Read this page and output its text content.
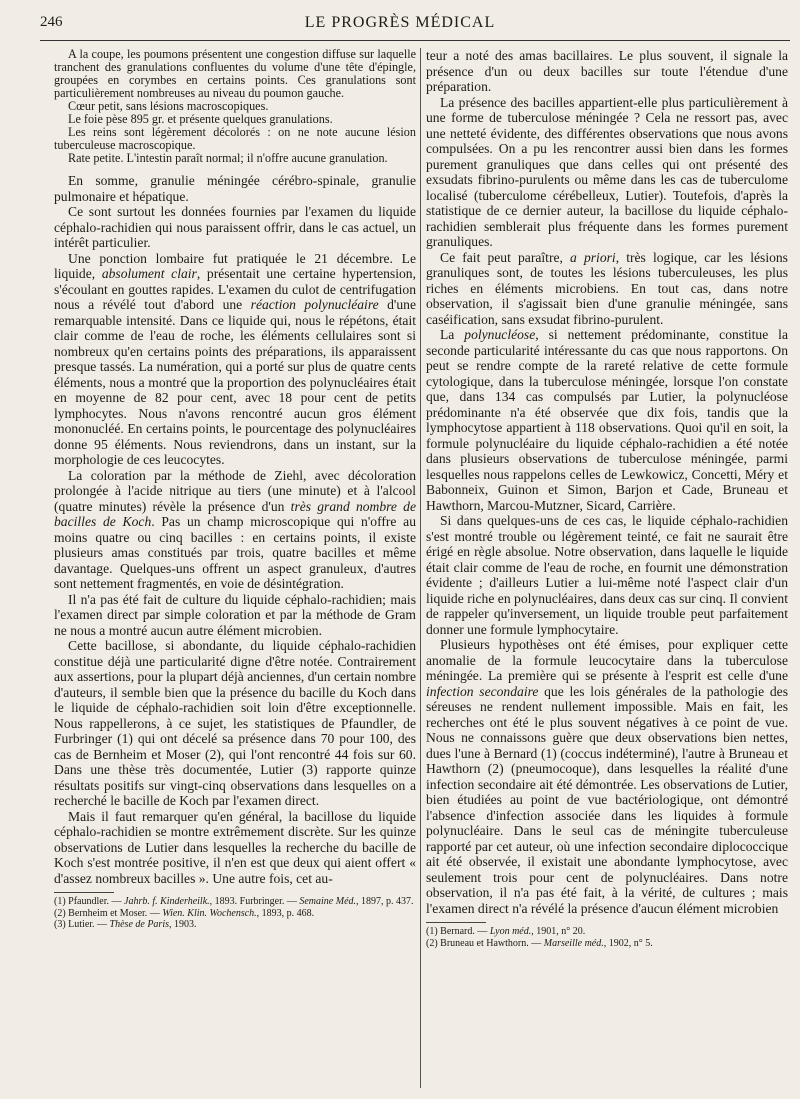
246	LE PROGRÈS MÉDICAL

A la coupe, les poumons présentent une congestion diffuse sur laquelle tranchent des granulations confluentes du volume d'une tête d'épingle, groupées en corymbes en certains points. Ces granulations sont particulièrement nombreuses au niveau du poumon gauche.

Cœur petit, sans lésions macroscopiques.

Le foie pèse 895 gr. et présente quelques granulations.

Les reins sont légèrement décolorés : on ne note aucune lésion tuberculeuse macroscopique.

Rate petite. L'intestin paraît normal; il n'offre aucune granulation.

En somme, granulie méningée cérébro-spinale, granulie pulmonaire et hépatique.

Ce sont surtout les données fournies par l'examen du liquide céphalo-rachidien qui nous paraissent offrir, dans le cas actuel, un intérêt particulier.

Une ponction lombaire fut pratiquée le 21 décembre. Le liquide, absolument clair, présentait une certaine hypertension, s'écoulant en gouttes rapides. L'examen du culot de centrifugation nous a révélé tout d'abord une réaction polynucléaire d'une remarquable intensité. Dans ce liquide qui, nous le répétons, était clair comme de l'eau de roche, les éléments cellulaires sont si nombreux qu'en certains points des préparations, ils apparaissent presque tassés. La numération, qui a porté sur plus de quatre cents éléments, nous a montré que la proportion des polynucléaires était en moyenne de 82 pour cent, avec 18 pour cent de petits lymphocytes. Nous n'avons rencontré aucun gros élément mononucléé. En certains points, le pourcentage des polynucléaires donne 95 éléments. Nous reviendrons, dans un instant, sur la morphologie de ces leucocytes.

La coloration par la méthode de Ziehl, avec décoloration prolongée à l'acide nitrique au tiers (une minute) et à l'alcool (quatre minutes) révèle la présence d'un très grand nombre de bacilles de Koch. Pas un champ microscopique qui n'offre au moins quatre ou cinq bacilles : en certains points, il existe plusieurs amas constitués par trois, quatre bacilles et même davantage. Quelques-uns offrent un aspect granuleux, d'autres sont nettement fragmentés, en voie de désintégration.

Il n'a pas été fait de culture du liquide céphalo-rachidien; mais l'examen direct par simple coloration et par la méthode de Gram ne nous a montré aucun autre élément microbien.

Cette bacillose, si abondante, du liquide céphalo-rachidien constitue déjà une particularité digne d'être notée. Contrairement aux assertions, pour la plupart déjà anciennes, d'un certain nombre d'auteurs, il semble bien que la présence du bacille du Koch dans le liquide de céphalo-rachidien soit loin d'être exceptionnelle. Nous rappellerons, à ce sujet, les statistiques de Pfaundler, de Furbringer (1) qui ont décelé sa présence dans 70 pour 100, des cas de Bernheim et Moser (2), qui l'ont rencontré 44 fois sur 60. Dans une thèse très documentée, Lutier (3) rapporte quinze résultats positifs sur vingt-cinq observations dans lesquelles on a recherché le bacille de Koch par l'examen direct.

Mais il faut remarquer qu'en général, la bacillose du liquide céphalo-rachidien se montre extrêmement discrète. Sur les quinze observations de Lutier dans lesquelles la recherche du bacille de Koch s'est montrée positive, il n'en est que deux qui aient offert « d'assez nombreux bacilles ». Une autre fois, cet au-

(1) Pfaundler. — Jahrb. f. Kinderheilk., 1893. Furbringer. — Semaine Méd., 1897, p. 437.

(2) Bernheim et Moser. — Wien. Klin. Wochensch., 1893, p. 468.

(3) Lutier. — Thèse de Paris, 1903.

teur a noté des amas bacillaires. Le plus souvent, il signale la présence d'un ou deux bacilles sur toute l'étendue d'une préparation.

La présence des bacilles appartient-elle plus particulièrement à une forme de tuberculose méningée ? Cela ne ressort pas, avec une netteté évidente, des différentes observations que nous avons compulsées. On a pu les rencontrer aussi bien dans les formes purement granuliques que dans celles qui ont présenté des exsudats fibrino-purulents ou même dans les cas de tuberculome localisé (tuberculome cérébelleux, Lutier). Toutefois, d'après la statistique de ce dernier auteur, la bacillose du liquide céphalo-rachidien semblerait plus fréquente dans les formes purement granuliques.

Ce fait peut paraître, a priori, très logique, car les lésions granuliques sont, de toutes les lésions tuberculeuses, les plus riches en éléments microbiens. En tout cas, dans notre observation, il s'agissait bien d'une granulie méningée, sans caséification, sans exsudat fibrino-purulent.

La polynucléose, si nettement prédominante, constitue la seconde particularité intéressante du cas que nous rapportons. On peut se rendre compte de la rareté relative de cette formule cytologique, dans la tuberculose méningée, lorsque l'on constate que, dans 134 cas compulsés par Lutier, la polynucléose prédominante n'a été observée que dix fois, tandis que la lymphocytose appartient à 118 observations. Quoi qu'il en soit, la formule polynucléaire du liquide céphalo-rachidien a été notée dans plusieurs observations de tuberculose méningée, parmi lesquelles nous rappelons celles de Lewkowicz, Concetti, Méry et Babonneix, Guinon et Simon, Barjon et Cade, Bruneau et Hawthorn, Marcou-Mutzner, Sicard, Carrière.

Si dans quelques-uns de ces cas, le liquide céphalo-rachidien s'est montré trouble ou légèrement teinté, ce fait ne saurait être érigé en règle absolue. Notre observation, dans laquelle le liquide était clair comme de l'eau de roche, en fournit une démonstration évidente ; d'ailleurs Lutier a lui-même noté l'aspect clair d'un liquide riche en polynucléaires, dans deux cas sur cinq. Il convient de rappeler qu'inversement, un liquide trouble peut parfaitement donner une formule lymphocytaire.

Plusieurs hypothèses ont été émises, pour expliquer cette anomalie de la formule leucocytaire dans la tuberculose méningée. La première qui se présente à l'esprit est celle d'une infection secondaire que les lois générales de la pathologie des séreuses ne rendent nullement impossible. Mais en fait, les recherches ont été le plus souvent négatives à ce point de vue. Nous ne connaissons guère que deux observations bien nettes, dues l'une à Bernard (1) (coccus indéterminé), l'autre à Bruneau et Hawthorn (2) (pneumocoque), dans lesquelles la réalité d'une infection secondaire ait été démontrée. Les observations de Lutier, bien étudiées au point de vue bactériologique, ont démontré l'absence d'infection associée dans les liquides à formule polynucléaire. Dans le seul cas de méningite tuberculeuse rapporté par cet auteur, où une infection secondaire diplococcique ait été observée, il existait une abondante lymphocytose, avec seulement trois pour cent de polynucléaires. Dans notre observation, il n'a pas été fait, à la vérité, de cultures ; mais l'examen direct n'a révélé la présence d'aucun élément microbien

(1) Bernard. — Lyon méd., 1901, n° 20.

(2) Bruneau et Hawthorn. — Marseille méd., 1902, n° 5.
